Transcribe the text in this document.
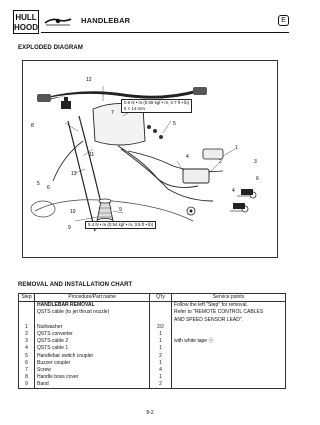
HULL
HOOD
HANDLEBAR	E
EXPLODED DIAGRAM
0.9 N • m (0.09 kgf • m, 0.7 ft • lb)
6 × 14 mm
5.4 N • m (0.54 kgf • m, 3.9 ft • lb)
12
7
8	5
4
11
13
5
6
1
2	3
4
6
9
10
9
REMOVAL AND INSTALLATION CHART
Step	Procedure/Part name	Q'ty	Service points
	HANDLEBAR REMOVAL		Follow the left "Step" for removal.
	QSTS cable (to jet thrust nozzle)		Refer to "REMOTE CONTROL CABLES
			AND SPEED SENSOR LEAD".
1	Nut/washer	2/2	
2	QSTS converter	1	
3	QSTS cable 2	1	with white tape ⓐ
4	QSTS cable 1	1	
5	Handlebar switch coupler	2	
6	Buzzer coupler	1	
7	Screw	4	
8	Handle boss cover	1	
9	Band	2	
8-2
